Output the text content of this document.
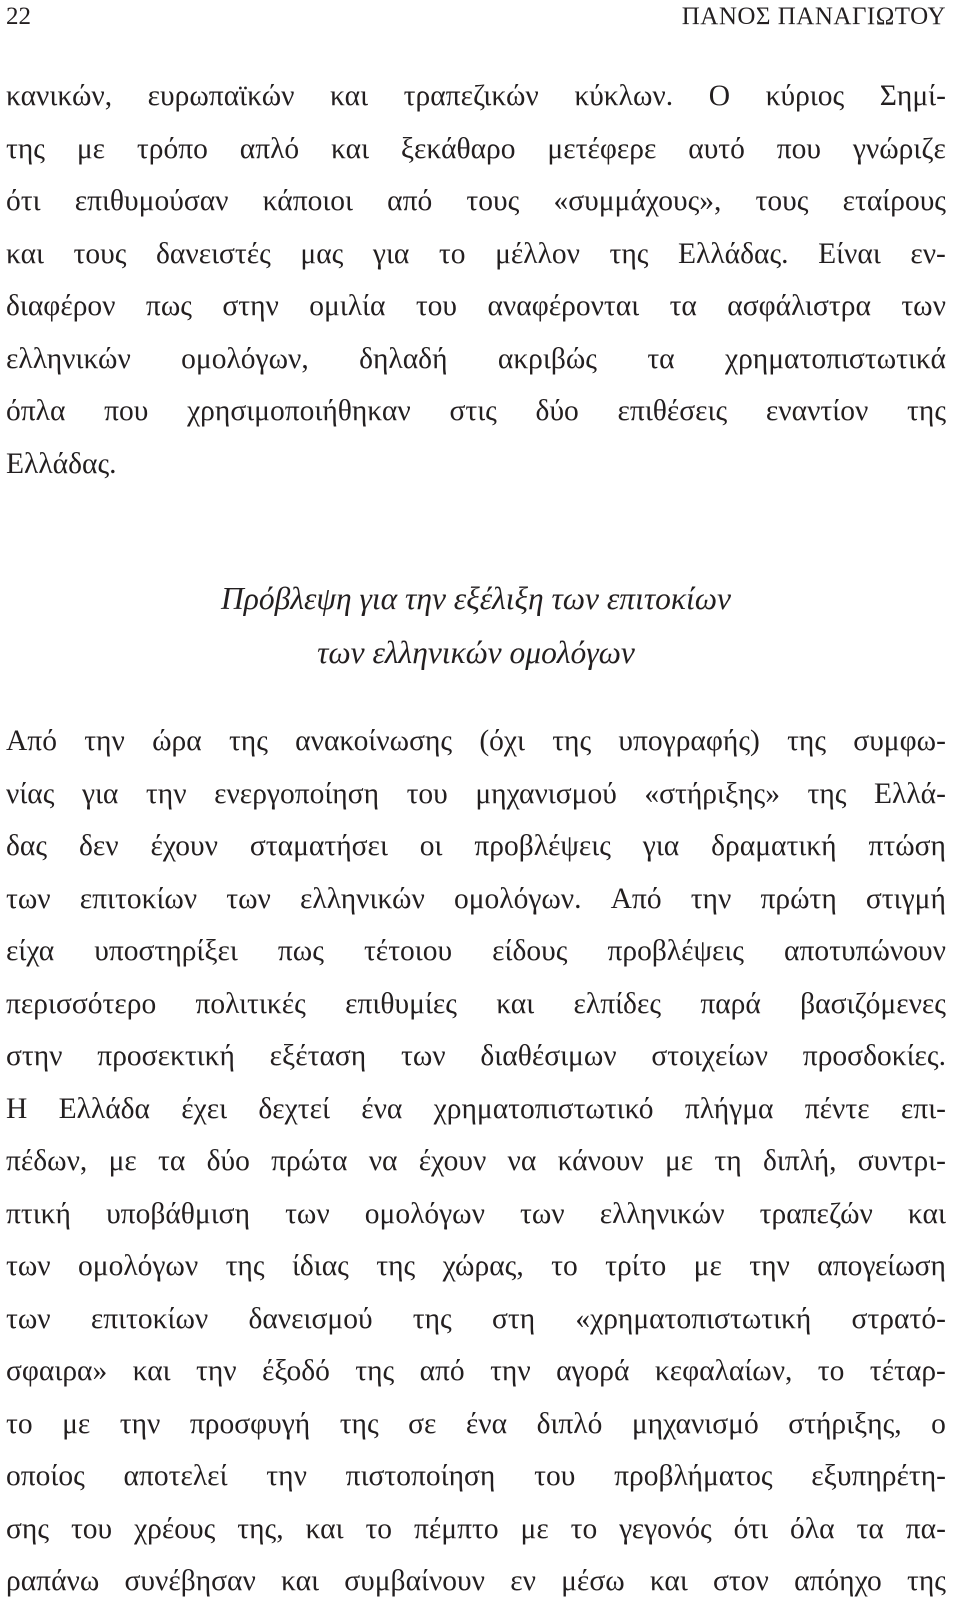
22	ΠΑΝΟΣ ΠΑΝΑΓΙΩΤΟΥ
κανικών, ευρωπαϊκών και τραπεζικών κύκλων. Ο κύριος Σημί-
της με τρόπο απλό και ξεκάθαρο μετέφερε αυτό που γνώριζε
ότι επιθυμούσαν κάποιοι από τους «συμμάχους», τους εταίρους
και τους δανειστές μας για το μέλλον της Ελλάδας. Είναι εν-
διαφέρον πως στην ομιλία του αναφέρονται τα ασφάλιστρα των
ελληνικών ομολόγων, δηλαδή ακριβώς τα χρηματοπιστωτικά
όπλα που χρησιμοποιήθηκαν στις δύο επιθέσεις εναντίον της
Ελλάδας.
Πρόβλεψη για την εξέλιξη των επιτοκίων
των ελληνικών ομολόγων
Από την ώρα της ανακοίνωσης (όχι της υπογραφής) της συμφω-
νίας για την ενεργοποίηση του μηχανισμού «στήριξης» της Ελλά-
δας δεν έχουν σταματήσει οι προβλέψεις για δραματική πτώση
των επιτοκίων των ελληνικών ομολόγων. Από την πρώτη στιγμή
είχα υποστηρίξει πως τέτοιου είδους προβλέψεις αποτυπώνουν
περισσότερο πολιτικές επιθυμίες και ελπίδες παρά βασιζόμενες
στην προσεκτική εξέταση των διαθέσιμων στοιχείων προσδοκίες.
Η Ελλάδα έχει δεχτεί ένα χρηματοπιστωτικό πλήγμα πέντε επι-
πέδων, με τα δύο πρώτα να έχουν να κάνουν με τη διπλή, συντρι-
πτική υποβάθμιση των ομολόγων των ελληνικών τραπεζών και
των ομολόγων της ίδιας της χώρας, το τρίτο με την απογείωση
των επιτοκίων δανεισμού της στη «χρηματοπιστωτική στρατό-
σφαιρα» και την έξοδό της από την αγορά κεφαλαίων, το τέταρ-
το με την προσφυγή της σε ένα διπλό μηχανισμό στήριξης, ο
οποίος αποτελεί την πιστοποίηση του προβλήματος εξυπηρέτη-
σης του χρέους της, και το πέμπτο με το γεγονός ότι όλα τα πα-
ραπάνω συνέβησαν και συμβαίνουν εν μέσω και στον απόηχο της
